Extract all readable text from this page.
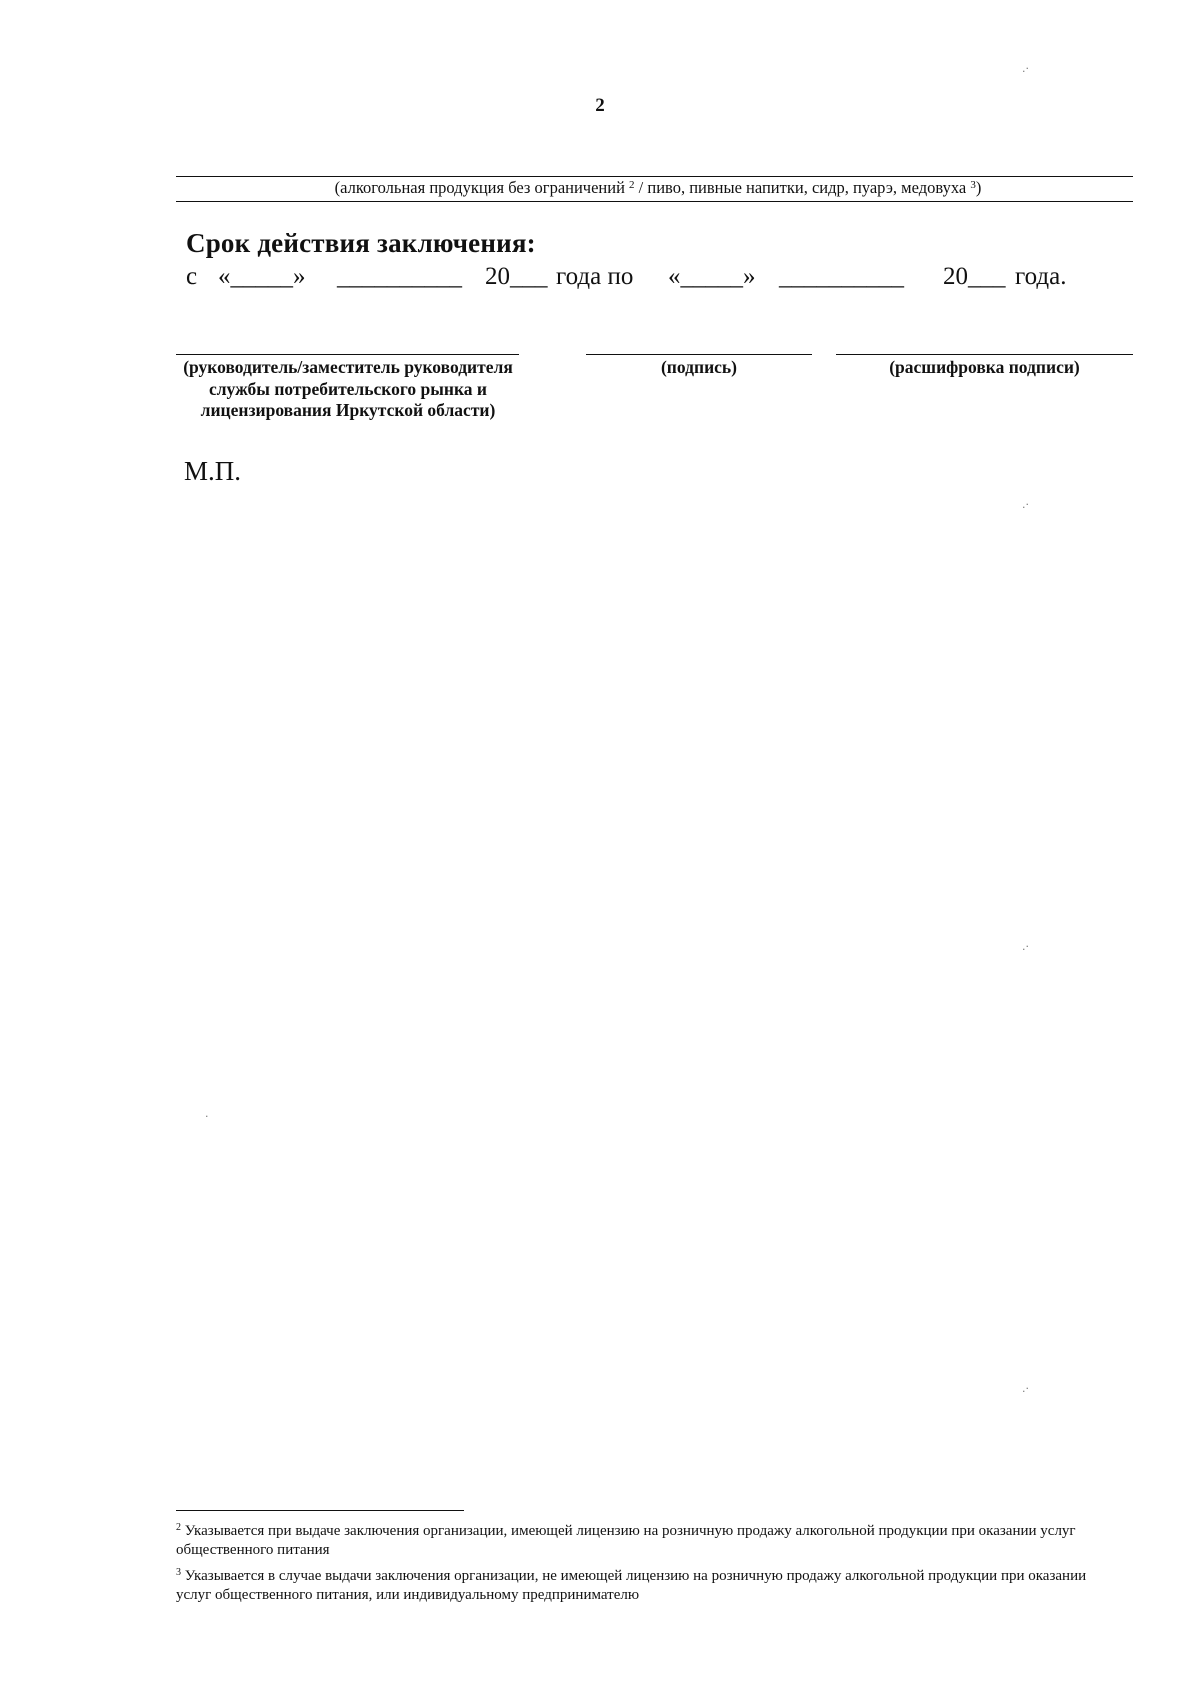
2
(алкогольная продукция без ограничений $^2$ / пиво, пивные напитки, сидр, пуарэ, медовуха $^3$)
Срок действия заключения:
с «_____» __________ 20___ года по «_____» __________ 20___ года.
(руководитель/заместитель руководителя службы потребительского рынка и лицензирования Иркутской области)
(подпись)	(расшифровка подписи)
М.П.
.·
.·
.·
.·
·
$^2$ Указывается при выдаче заключения организации, имеющей лицензию на розничную продажу алкогольной продукции при оказании услуг общественного питания
$^3$ Указывается в случае выдачи заключения организации, не имеющей лицензию на розничную продажу алкогольной продукции при оказании услуг общественного питания, или индивидуальному предпринимателю
